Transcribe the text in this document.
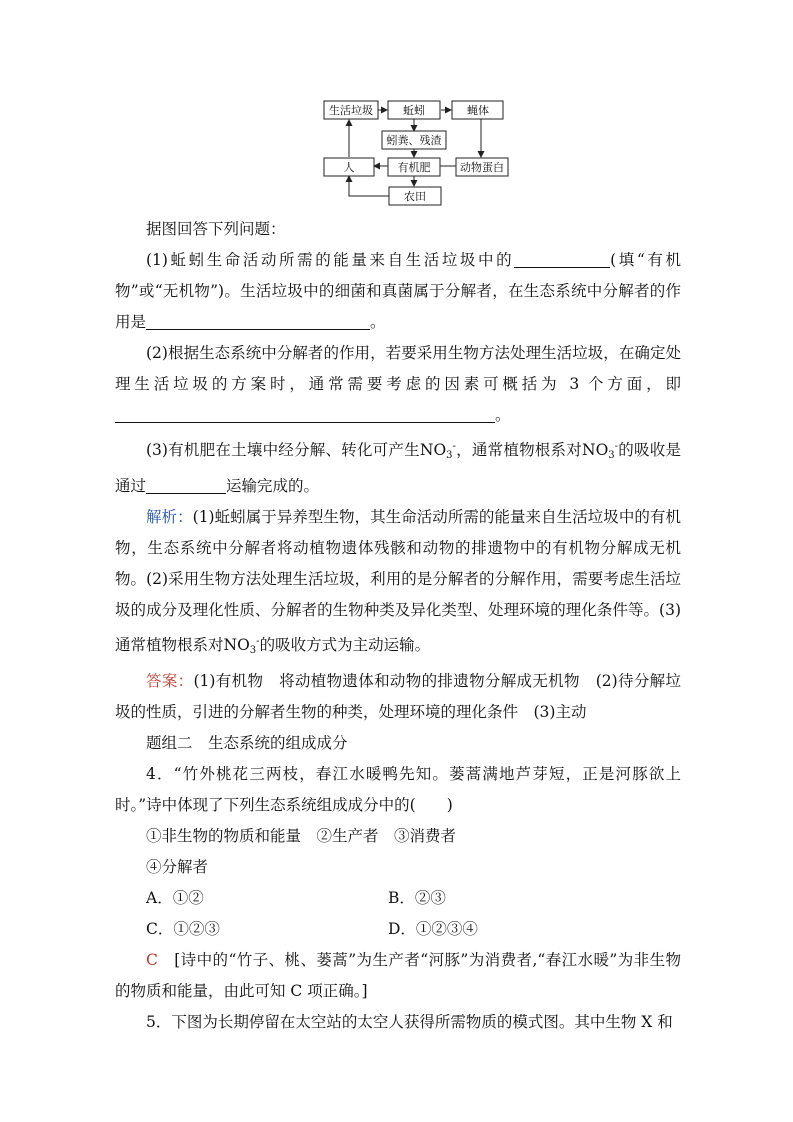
生活垃圾	蚯蚓	蝇体
蚓粪、残渣
人	有机肥	动物蛋白
农田

据图回答下列问题：

(1)蚯蚓生命活动所需的能量来自生活垃圾中的	(填“有机物”或“无机物”)。生活垃圾中的细菌和真菌属于分解者，在生态系统中分解者的作用是	。

(2)根据生态系统中分解者的作用，若要采用生物方法处理生活垃圾，在确定处理生活垃圾的方案时，通常需要考虑的因素可概括为 3 个方面，即。

(3)有机肥在土壤中经分解、转化可产生$NO_3^-$，通常植物根系对$NO_3^-$的吸收是通过	运输完成的。

解析：(1)蚯蚓属于异养型生物，其生命活动所需的能量来自生活垃圾中的有机物，生态系统中分解者将动植物遗体残骸和动物的排遗物中的有机物分解成无机物。(2)采用生物方法处理生活垃圾，利用的是分解者的分解作用，需要考虑生活垃圾的成分及理化性质、分解者的生物种类及异化类型、处理环境的理化条件等。(3)通常植物根系对$NO_3^-$的吸收方式为主动运输。

答案：(1)有机物　将动植物遗体和动物的排遗物分解成无机物　(2)待分解垃圾的性质，引进的分解者生物的种类，处理环境的理化条件　(3)主动

题组二　生态系统的组成成分

4．“竹外桃花三两枝，春江水暖鸭先知。蒌蒿满地芦芽短，正是河豚欲上时。”诗中体现了下列生态系统组成成分中的(　　)

①非生物的物质和能量　②生产者　③消费者

④分解者

A．①②	B．②③
C．①②③	D．①②③④

C　[诗中的“竹子、桃、蒌蒿”为生产者“河豚”为消费者,“春江水暖”为非生物的物质和能量，由此可知 C 项正确。]

5．下图为长期停留在太空站的太空人获得所需物质的模式图。其中生物 X 和
